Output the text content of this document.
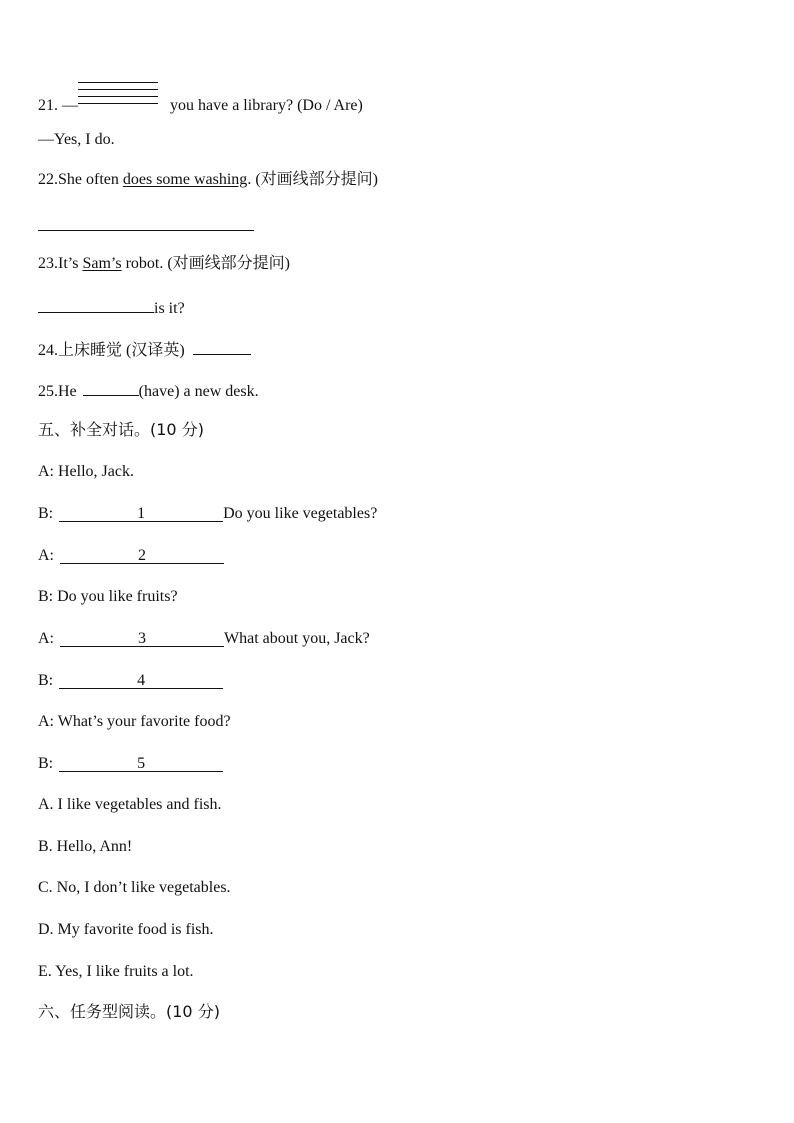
21. —	you have a library? (Do / Are)
—Yes, I do.
22.She often does some washing. (对画线部分提问)
23.It’s Sam’s robot. (对画线部分提问)
is it?
24.上床睡觉 (汉译英)
25.He	(have) a new desk.
五、补全对话。(10 分)
A: Hello, Jack.
B:	1	Do you like vegetables?
A:	2
B: Do you like fruits?
A:	3	What about you, Jack?
B:	4
A: What’s your favorite food?
B:	5
A. I like vegetables and fish.
B. Hello, Ann!
C. No, I don’t like vegetables.
D. My favorite food is fish.
E. Yes, I like fruits a lot.
六、任务型阅读。(10 分)
